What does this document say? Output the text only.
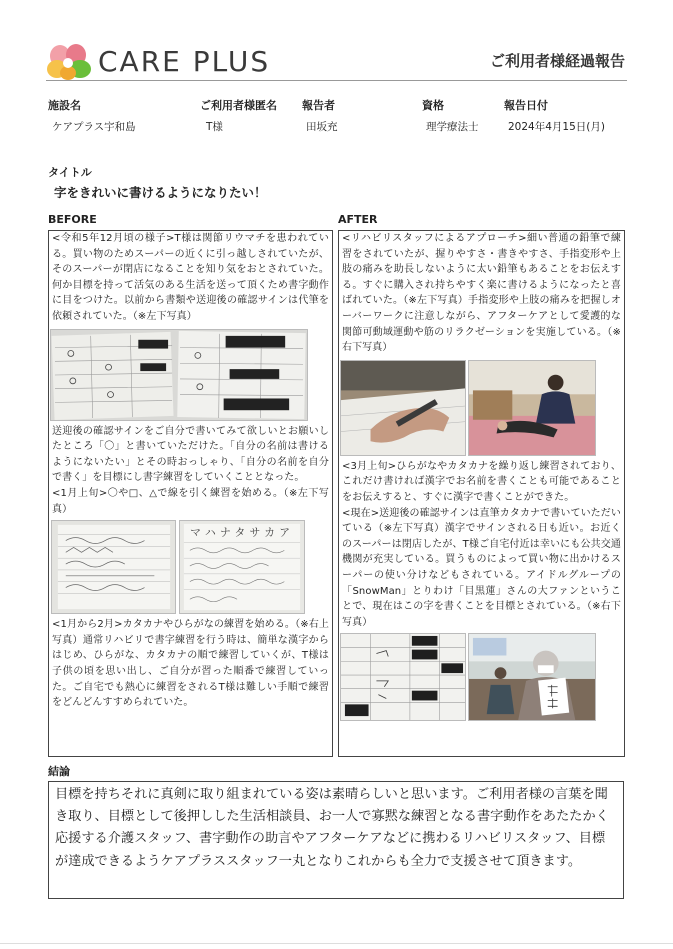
CARE PLUS	ご利用者様経過報告
施設名
ケアプラス宇和島
ご利用者様匿名
T様
報告者
田坂充
資格
理学療法士
報告日付
2024年4月15日(月)
タイトル
字をきれいに書けるようになりたい！
BEFORE

<令和5年12月頃の様子>T様は関節リウマチを患われている。買い物のためスーパーの近くに引っ越しされていたが、そのスーパーが閉店になることを知り気をおとされていた。何か目標を持って活気のある生活を送って頂くため書字動作に目をつけた。以前から書類や送迎後の確認サインは代筆を依頼されていた。（※左下写真）

送迎後の確認サインをご自分で書いてみて欲しいとお願いしたところ「〇」と書いていただけた。「自分の名前は書けるようにないたい」とその時おっしゃり、「自分の名前を自分で書く」を目標にし書字練習をしていくこととなった。

<1月上旬>〇や□、△で線を引く練習を始める。（※左下写真）

マハナタサカア

<1月から2月>カタカナやひらがなの練習を始める。（※右上写真）通常リハビリで書字練習を行う時は、簡単な漢字からはじめ、ひらがな、カタカナの順で練習していくが、T様は子供の頃を思い出し、ご自分が習った順番で練習していった。ご自宅でも熱心に練習をされるT様は難しい手順で練習をどんどんすすめられていた。

AFTER

<リハビリスタッフによるアプローチ>細い普通の鉛筆で練習をされていたが、握りやすさ・書きやすさ、手指変形や上肢の痛みを助長しないように太い鉛筆もあることをお伝えする。すぐに購入され持ちやすく楽に書けるようになったと喜ばれていた。（※左下写真）手指変形や上肢の痛みを把握しオーバーワークに注意しながら、アフターケアとして愛護的な関節可動域運動や筋のリラクゼーションを実施している。（※右下写真）

<3月上旬>ひらがなやカタカナを繰り返し練習されており、これだけ書ければ漢字でお名前を書くことも可能であることをお伝えすると、すぐに漢字で書くことができた。

<現在>送迎後の確認サインは直筆カタカナで書いていただいている（※左下写真）漢字でサインされる日も近い。お近くのスーパーは閉店したが、T様ご自宅付近は幸いにも公共交通機関が充実している。買うものによって買い物に出かけるスーパーの使い分けなどもされている。アイドルグループの「SnowMan」とりわけ「目黒蓮」さんの大ファンということで、現在はこの字を書くことを目標とされている。（※右下写真）

結論

目標を持ちそれに真剣に取り組まれている姿は素晴らしいと思います。ご利用者様の言葉を聞き取り、目標として後押しした生活相談員、お一人で寡黙な練習となる書字動作をあたたかく応援する介護スタッフ、書字動作の助言やアフターケアなどに携わるリハビリスタッフ、目標が達成できるようケアプラススタッフ一丸となりこれからも全力で支援させて頂きます。
